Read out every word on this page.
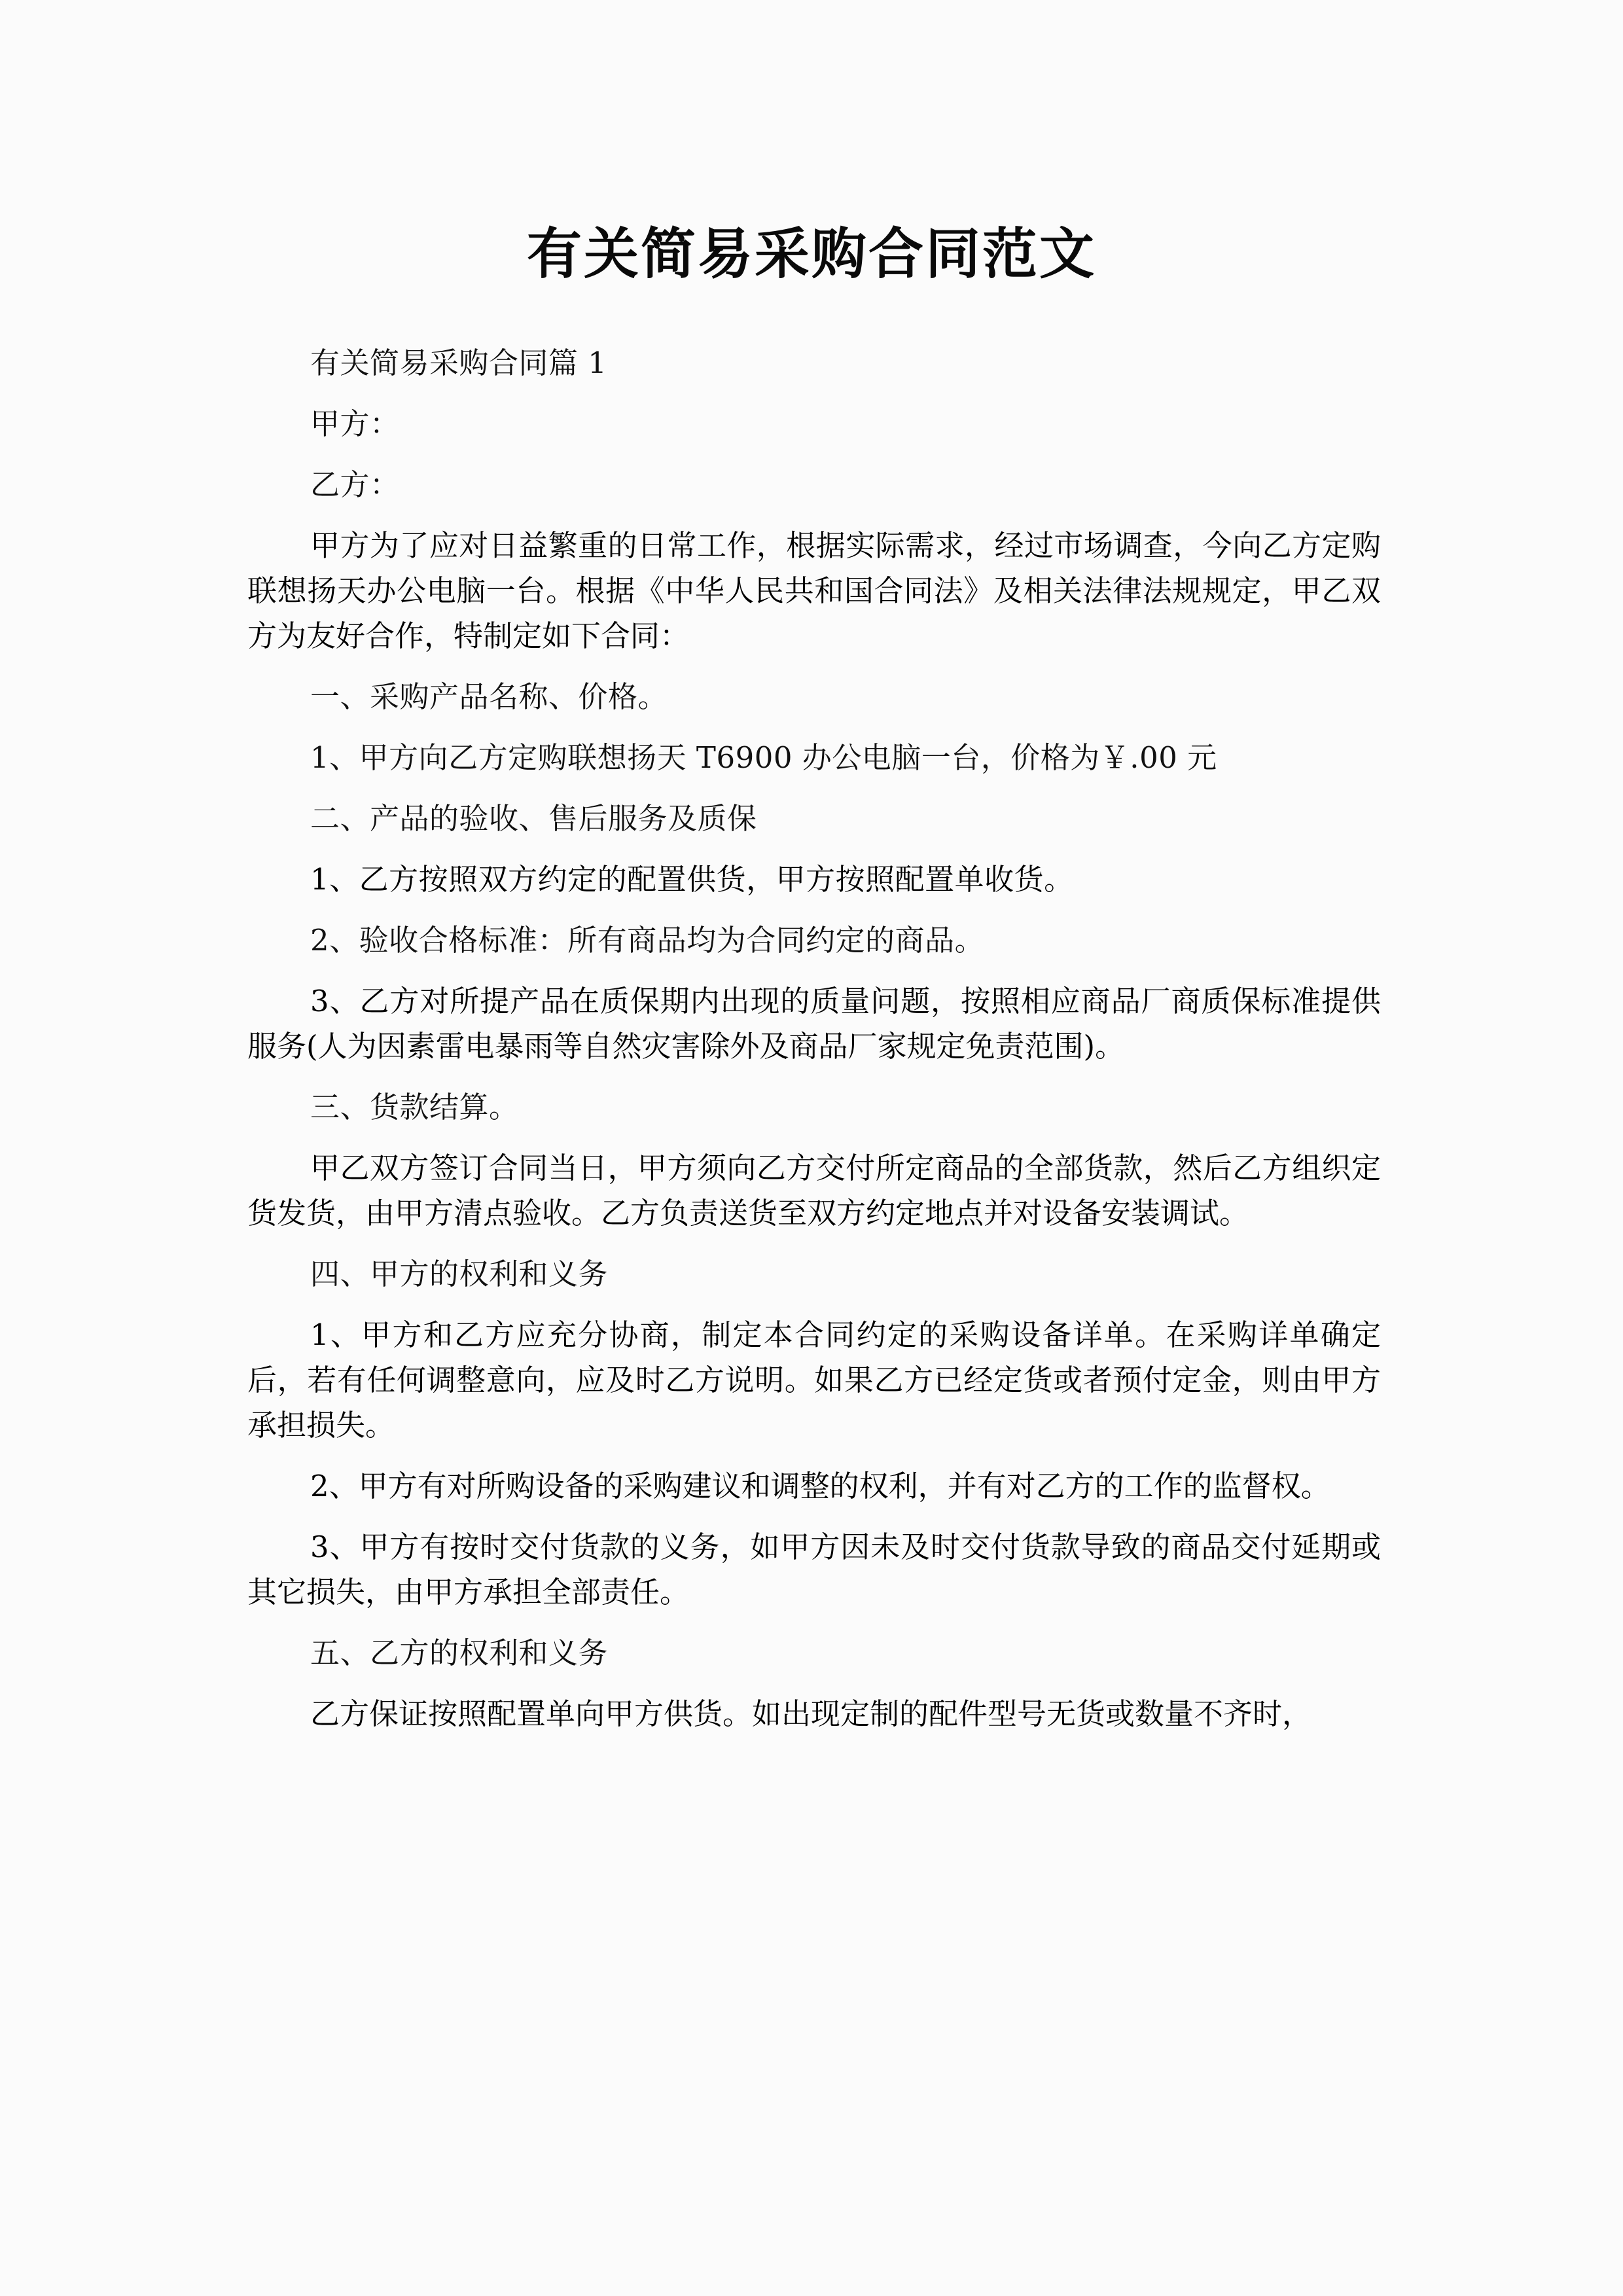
有关简易采购合同范文

有关简易采购合同篇 1

甲方：

乙方：

甲方为了应对日益繁重的日常工作，根据实际需求，经过市场调查，今向乙方定购联想扬天办公电脑一台。根据《中华人民共和国合同法》及相关法律法规规定，甲乙双方为友好合作，特制定如下合同：

一、采购产品名称、价格。

1、甲方向乙方定购联想扬天 T6900 办公电脑一台，价格为￥.00 元

二、产品的验收、售后服务及质保

1、乙方按照双方约定的配置供货，甲方按照配置单收货。

2、验收合格标准：所有商品均为合同约定的商品。

3、乙方对所提产品在质保期内出现的质量问题，按照相应商品厂商质保标准提供服务(人为因素雷电暴雨等自然灾害除外及商品厂家规定免责范围)。

三、货款结算。

甲乙双方签订合同当日，甲方须向乙方交付所定商品的全部货款，然后乙方组织定货发货，由甲方清点验收。乙方负责送货至双方约定地点并对设备安装调试。

四、甲方的权利和义务

1、甲方和乙方应充分协商，制定本合同约定的采购设备详单。在采购详单确定后，若有任何调整意向，应及时乙方说明。如果乙方已经定货或者预付定金，则由甲方承担损失。

2、甲方有对所购设备的采购建议和调整的权利，并有对乙方的工作的监督权。

3、甲方有按时交付货款的义务，如甲方因未及时交付货款导致的商品交付延期或其它损失，由甲方承担全部责任。

五、乙方的权利和义务

乙方保证按照配置单向甲方供货。如出现定制的配件型号无货或数量不齐时，
